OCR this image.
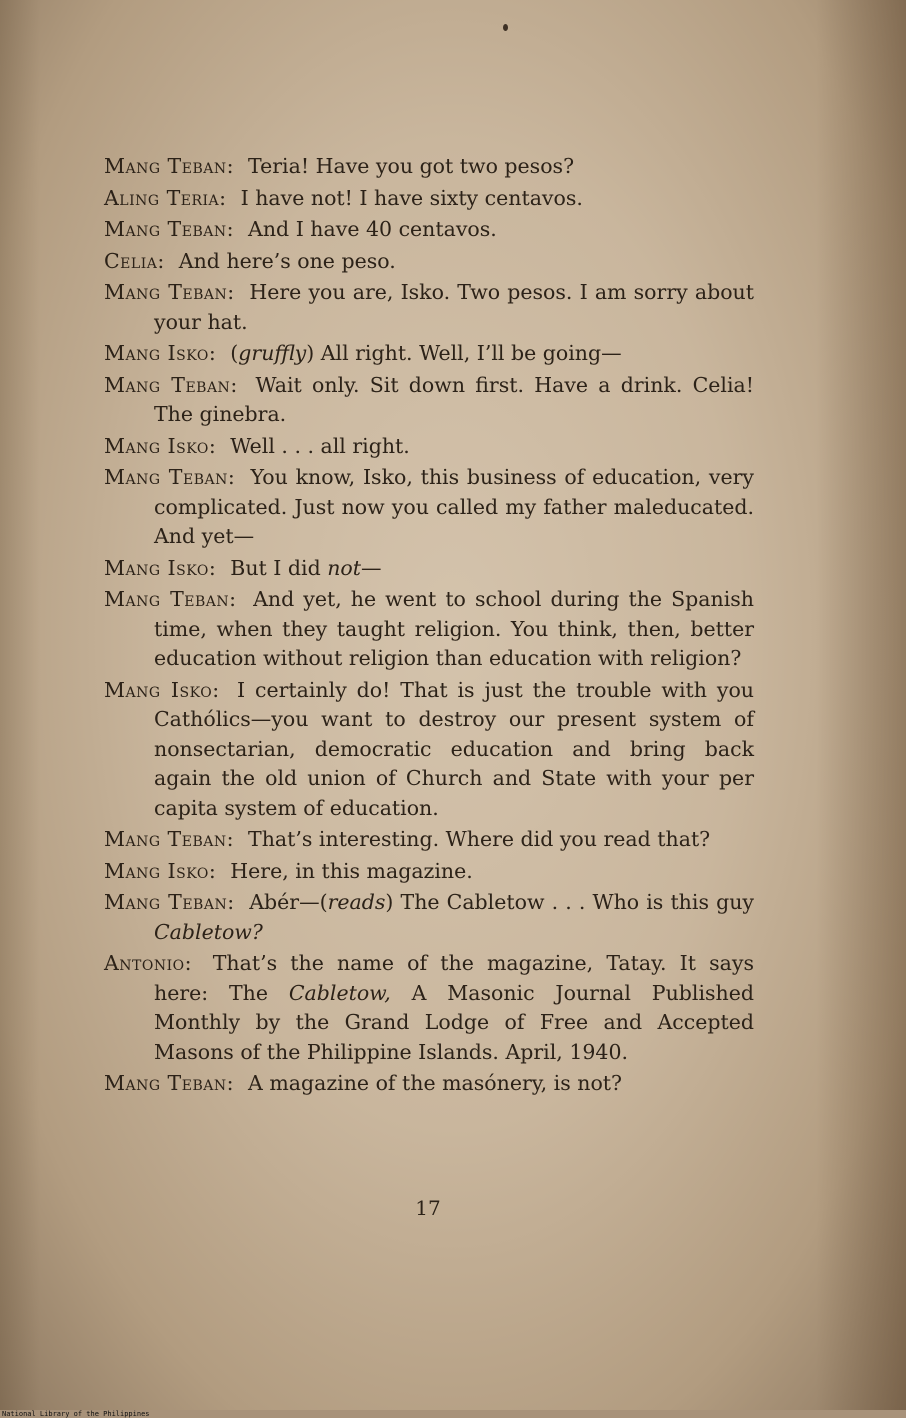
Mang Teban: Teria! Have you got two pesos?

Aling Teria: I have not! I have sixty centavos.

Mang Teban: And I have 40 centavos.

Celia: And here’s one peso.

Mang Teban: Here you are, Isko. Two pesos. I am sorry about your hat.

Mang Isko: (gruffly) All right. Well, I’ll be going—

Mang Teban: Wait only. Sit down first. Have a drink. Celia! The ginebra.

Mang Isko: Well . . . all right.

Mang Teban: You know, Isko, this business of education, very complicated. Just now you called my father maleducated. And yet—

Mang Isko: But I did not—

Mang Teban: And yet, he went to school during the Spanish time, when they taught religion. You think, then, better education without religion than education with religion?

Mang Isko: I certainly do! That is just the trouble with you Cathólics—you want to destroy our present system of nonsectarian, democratic education and bring back again the old union of Church and State with your per capita system of education.

Mang Teban: That’s interesting. Where did you read that?

Mang Isko: Here, in this magazine.

Mang Teban: Abér—(reads) The Cabletow . . . Who is this guy Cabletow?

Antonio: That’s the name of the magazine, Tatay. It says here: The Cabletow, A Masonic Journal Published Monthly by the Grand Lodge of Free and Accepted Masons of the Philippine Islands. April, 1940.

Mang Teban: A magazine of the masónery, is not?

17
National Library of the Philippines
